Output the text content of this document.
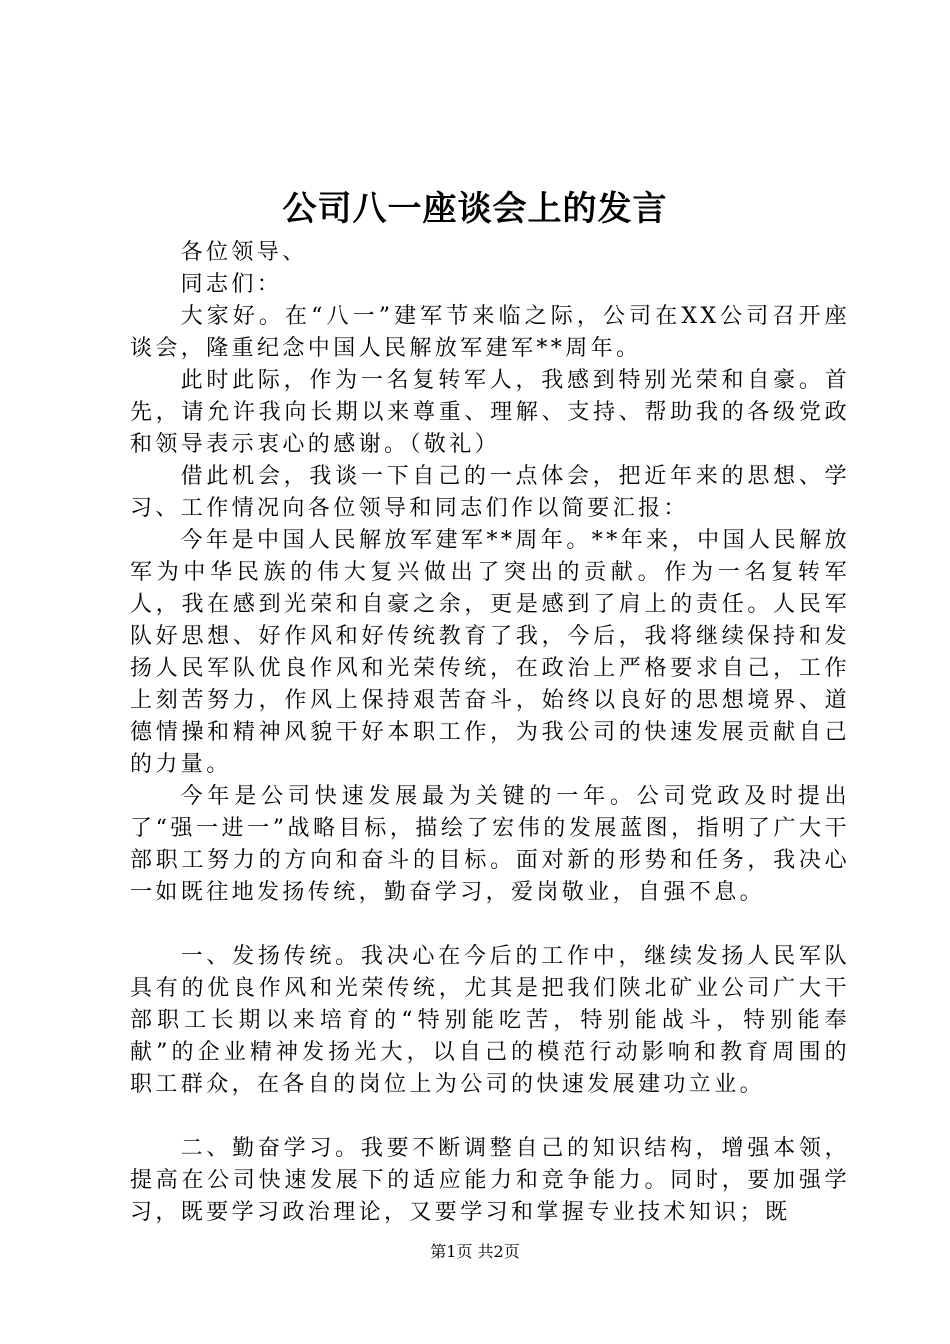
公司八一座谈会上的发言

各位领导、

同志们：

大家好。在“八一”建军节来临之际，公司在XX公司召开座谈会，隆重纪念中国人民解放军建军**周年。

此时此际，作为一名复转军人，我感到特别光荣和自豪。首先，请允许我向长期以来尊重、理解、支持、帮助我的各级党政和领导表示衷心的感谢。（敬礼）

借此机会，我谈一下自己的一点体会，把近年来的思想、学习、工作情况向各位领导和同志们作以简要汇报：

今年是中国人民解放军建军**周年。**年来，中国人民解放军为中华民族的伟大复兴做出了突出的贡献。作为一名复转军人，我在感到光荣和自豪之余，更是感到了肩上的责任。人民军队好思想、好作风和好传统教育了我，今后，我将继续保持和发扬人民军队优良作风和光荣传统，在政治上严格要求自己，工作上刻苦努力，作风上保持艰苦奋斗，始终以良好的思想境界、道德情操和精神风貌干好本职工作，为我公司的快速发展贡献自己的力量。

今年是公司快速发展最为关键的一年。公司党政及时提出了“强一进一”战略目标，描绘了宏伟的发展蓝图，指明了广大干部职工努力的方向和奋斗的目标。面对新的形势和任务，我决心一如既往地发扬传统，勤奋学习，爱岗敬业，自强不息。

一、发扬传统。我决心在今后的工作中，继续发扬人民军队具有的优良作风和光荣传统，尤其是把我们陕北矿业公司广大干部职工长期以来培育的“特别能吃苦，特别能战斗，特别能奉献”的企业精神发扬光大，以自己的模范行动影响和教育周围的职工群众，在各自的岗位上为公司的快速发展建功立业。

二、勤奋学习。我要不断调整自己的知识结构，增强本领，提高在公司快速发展下的适应能力和竞争能力。同时，要加强学习，既要学习政治理论，又要学习和掌握专业技术知识；既

第1页 共2页
